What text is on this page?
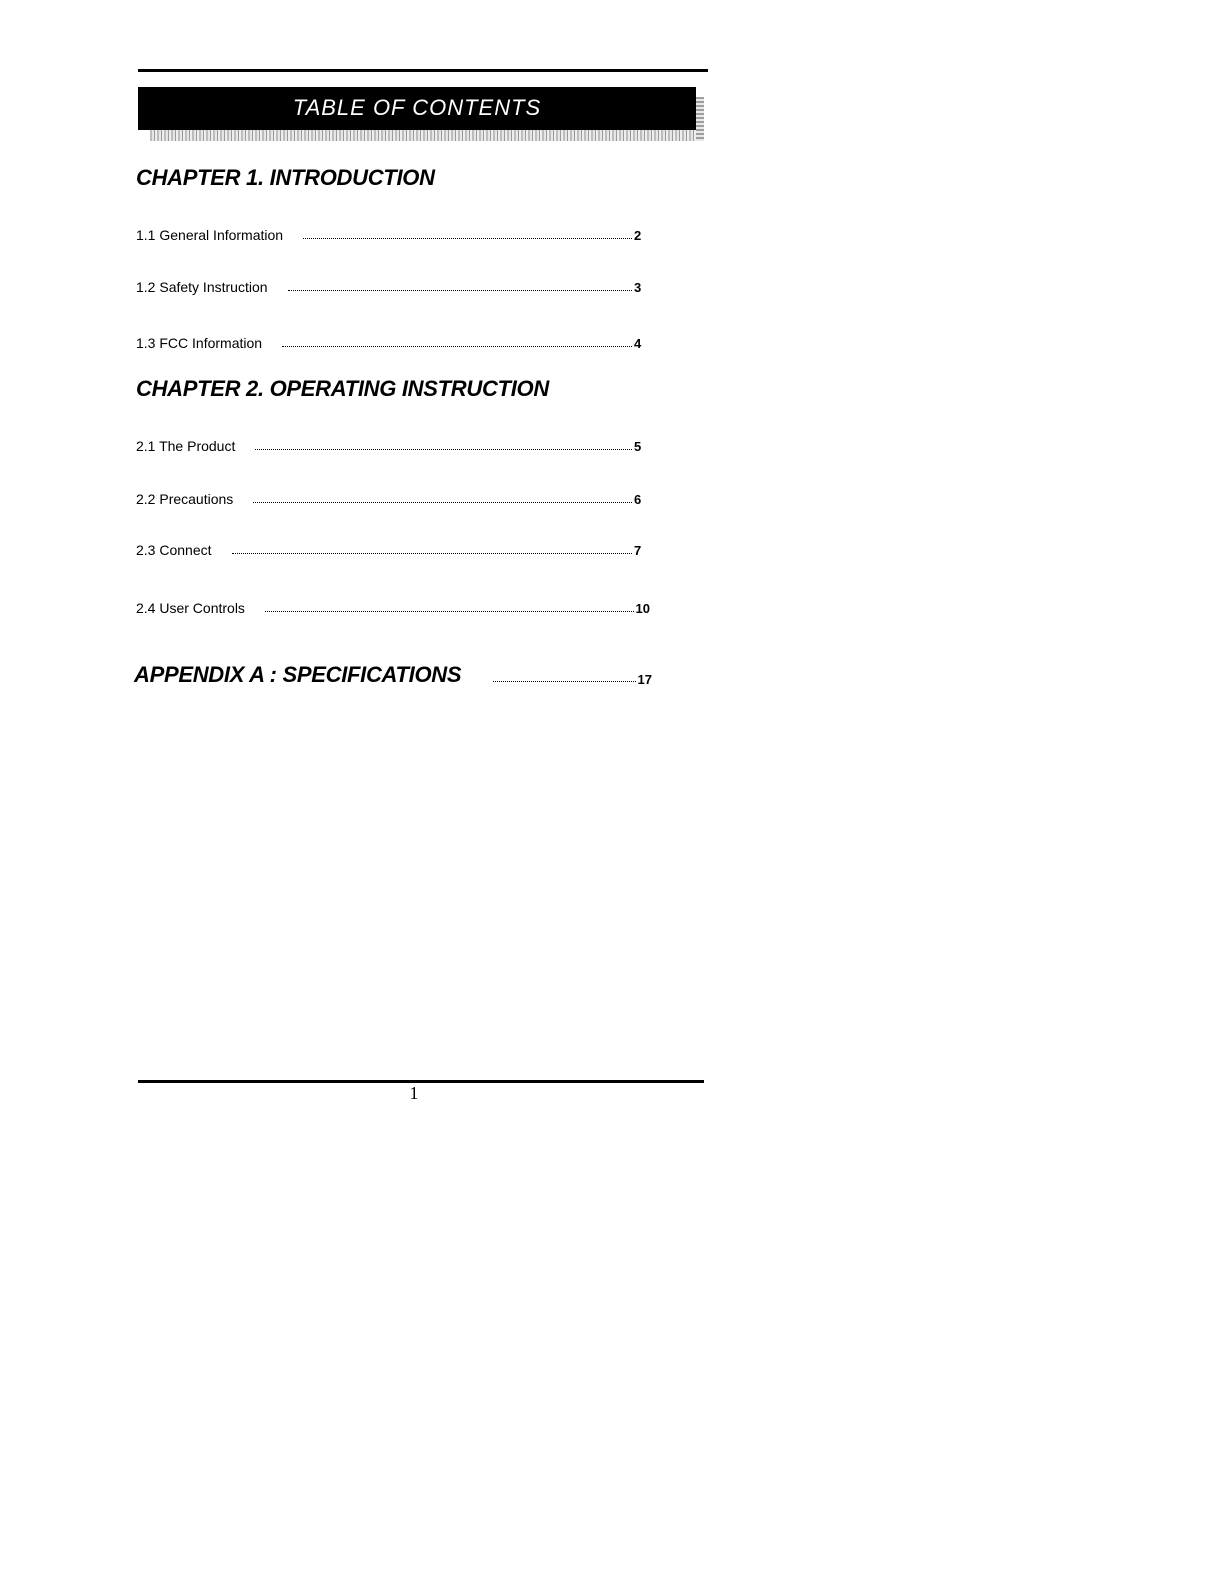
TABLE OF CONTENTS
CHAPTER 1. INTRODUCTION
1.1 General Information	2
1.2 Safety Instruction	3
1.3 FCC Information	4
CHAPTER 2. OPERATING INSTRUCTION
2.1 The Product	5
2.2 Precautions	6
2.3 Connect	7
2.4 User Controls	10
APPENDIX A : SPECIFICATIONS	17
1
